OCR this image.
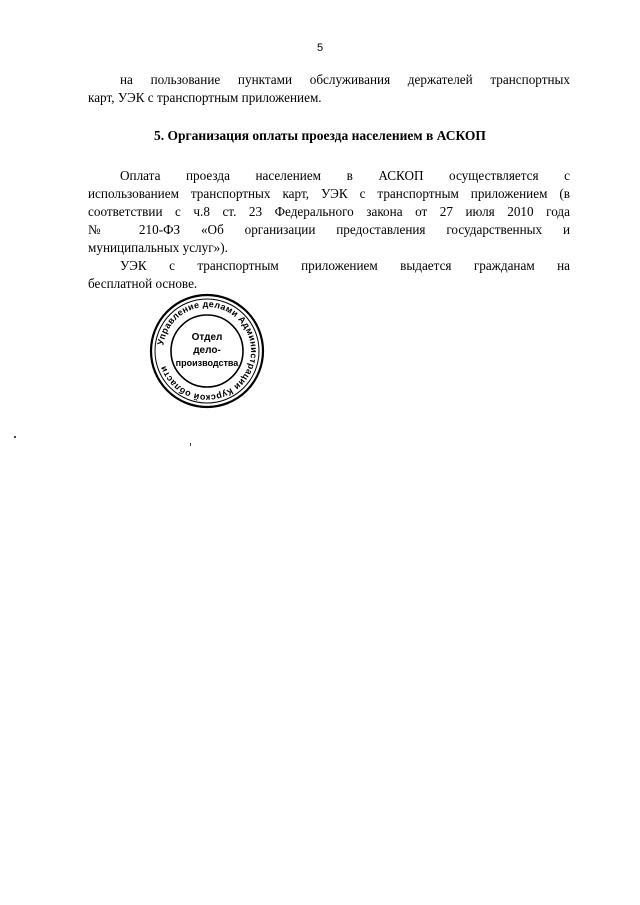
5
на пользование пунктами обслуживания держателей транспортных
карт, УЭК с транспортным приложением.
5. Организация оплаты проезда населением в АСКОП
Оплата проезда населением в АСКОП осуществляется с
использованием транспортных карт, УЭК с транспортным приложением (в
соответствии с ч.8 ст. 23 Федерального закона от 27 июля 2010 года
№ 210-ФЗ «Об организации предоставления государственных и
муниципальных услуг»).
УЭК с транспортным приложением выдается гражданам на
бесплатной основе.
Управление делами Администрации Курской области
Отдел
дело-
производства
